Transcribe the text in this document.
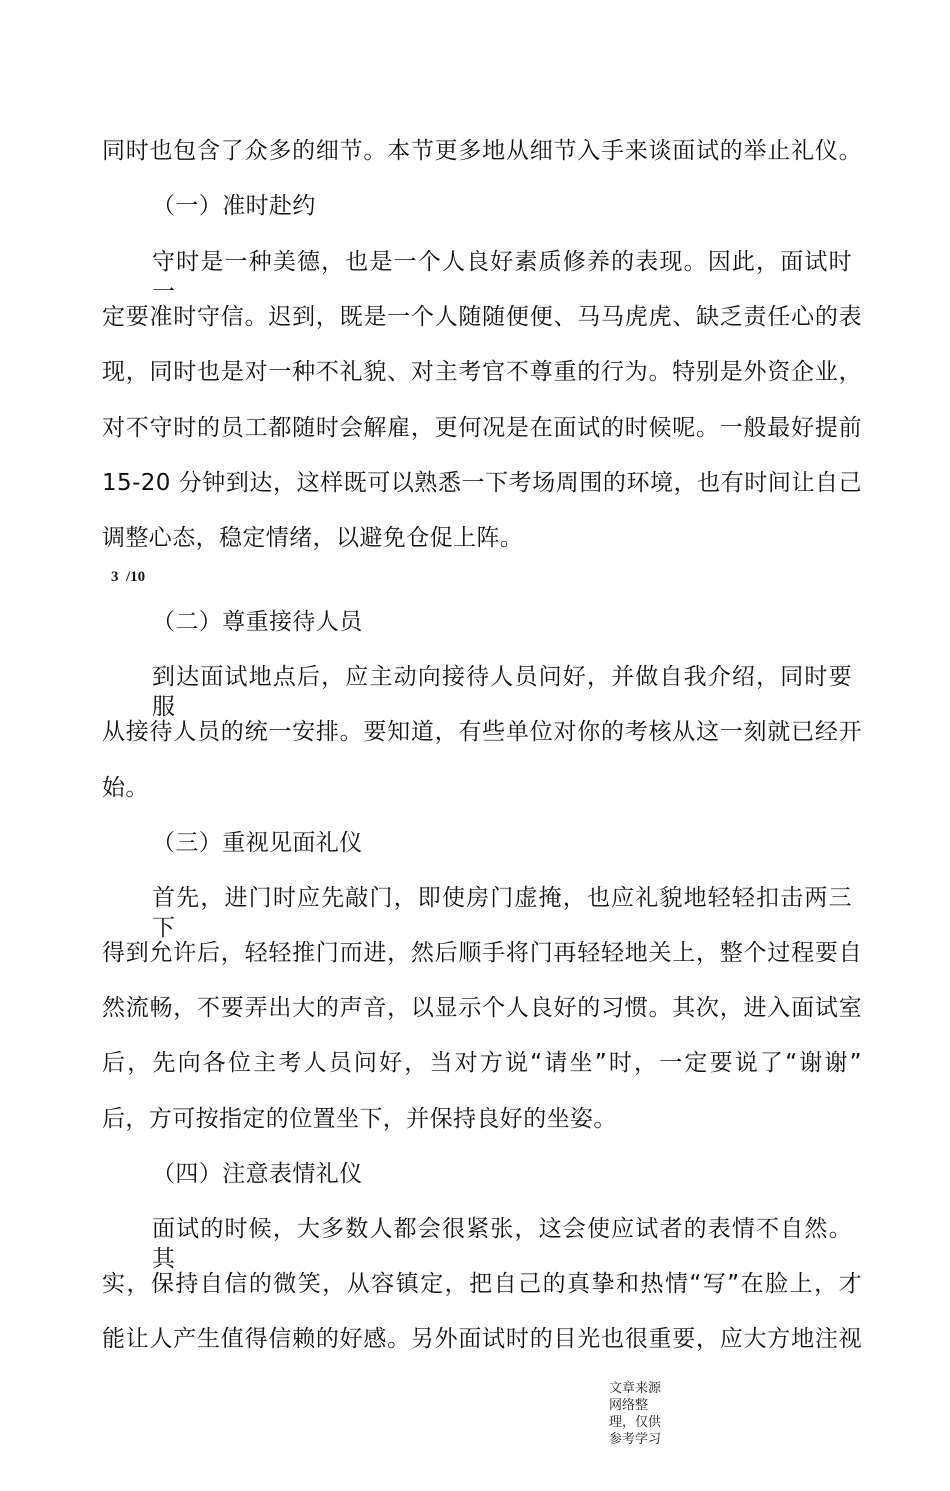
同时也包含了众多的细节。本节更多地从细节入手来谈面试的举止礼仪。
（一）准时赴约
守时是一种美德，也是一个人良好素质修养的表现。因此，面试时一
定要准时守信。迟到，既是一个人随随便便、马马虎虎、缺乏责任心的表
现，同时也是对一种不礼貌、对主考官不尊重的行为。特别是外资企业，
对不守时的员工都随时会解雇，更何况是在面试的时候呢。一般最好提前
15-20 分钟到达，这样既可以熟悉一下考场周围的环境，也有时间让自己
调整心态，稳定情绪，以避免仓促上阵。
3  /10
（二）尊重接待人员
到达面试地点后，应主动向接待人员问好，并做自我介绍，同时要服
从接待人员的统一安排。要知道，有些单位对你的考核从这一刻就已经开
始。
（三）重视见面礼仪
首先，进门时应先敲门，即使房门虚掩，也应礼貌地轻轻扣击两三下
得到允许后，轻轻推门而进，然后顺手将门再轻轻地关上，整个过程要自
然流畅，不要弄出大的声音，以显示个人良好的习惯。其次，进入面试室
后，先向各位主考人员问好，当对方说“请坐”时，一定要说了“谢谢”
后，方可按指定的位置坐下，并保持良好的坐姿。
（四）注意表情礼仪
面试的时候，大多数人都会很紧张，这会使应试者的表情不自然。其
实，保持自信的微笑，从容镇定，把自己的真挚和热情“写”在脸上，才
能让人产生值得信赖的好感。另外面试时的目光也很重要，应大方地注视
文章来源网络整理，仅供参考学习
